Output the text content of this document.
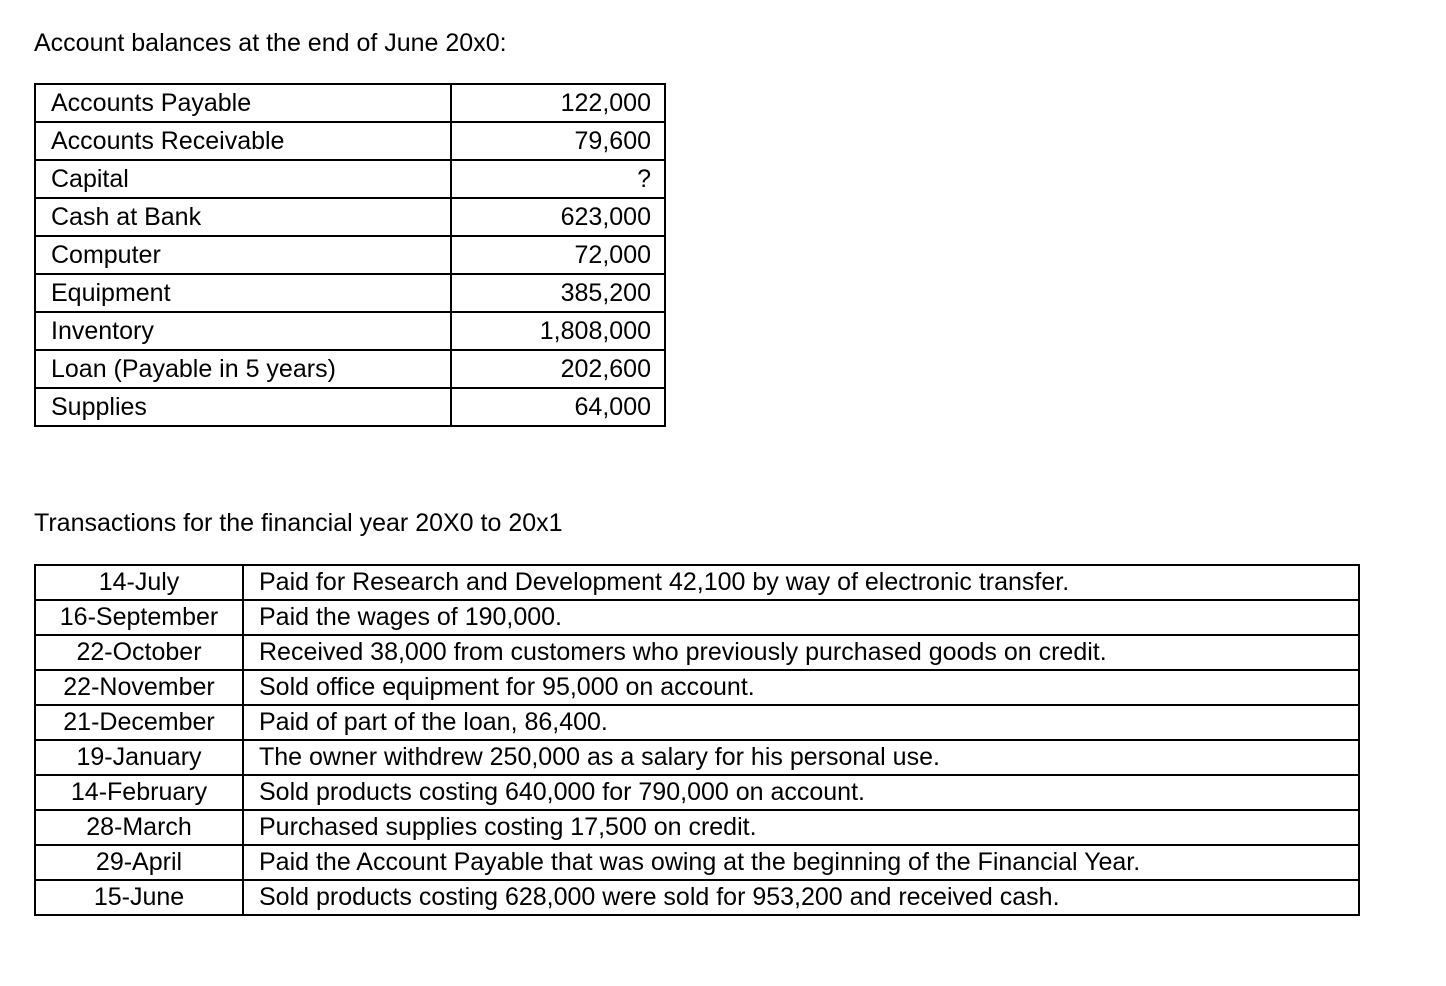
Account balances at the end of June 20x0:
Accounts Payable	122,000
Accounts Receivable	79,600
Capital	?
Cash at Bank	623,000
Computer	72,000
Equipment	385,200
Inventory	1,808,000
Loan (Payable in 5 years)	202,600
Supplies	64,000
Transactions for the financial year 20X0 to 20x1
14-July	Paid for Research and Development 42,100 by way of electronic transfer.
16-September	Paid the wages of 190,000.
22-October	Received 38,000 from customers who previously purchased goods on credit.
22-November	Sold office equipment for 95,000 on account.
21-December	Paid of part of the loan, 86,400.
19-January	The owner withdrew 250,000 as a salary for his personal use.
14-February	Sold products costing 640,000 for 790,000 on account.
28-March	Purchased supplies costing 17,500 on credit.
29-April	Paid the Account Payable that was owing at the beginning of the Financial Year.
15-June	Sold products costing 628,000 were sold for 953,200 and received cash.
